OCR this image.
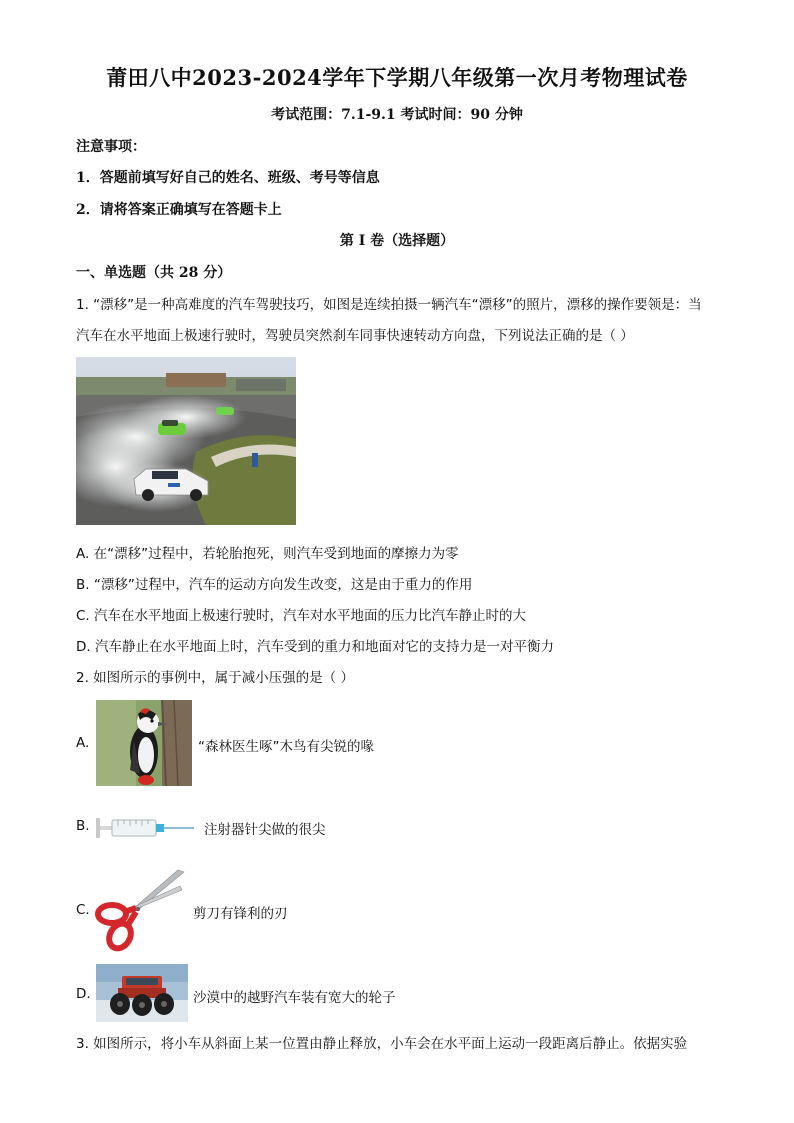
莆田八中2023-2024学年下学期八年级第一次月考物理试卷
考试范围：7.1-9.1 考试时间：90 分钟
注意事项：
1．答题前填写好自己的姓名、班级、考号等信息
2．请将答案正确填写在答题卡上
第 I 卷（选择题）
一、单选题（共 28 分）
1. “漂移”是一种高难度的汽车驾驶技巧，如图是连续拍摄一辆汽车“漂移”的照片，漂移的操作要领是：当
汽车在水平地面上极速行驶时，驾驶员突然刹车同事快速转动方向盘，下列说法正确的是（ ）
A. 在“漂移”过程中，若轮胎抱死，则汽车受到地面的摩擦力为零
B. “漂移”过程中，汽车的运动方向发生改变，这是由于重力的作用
C. 汽车在水平地面上极速行驶时，汽车对水平地面的压力比汽车静止时的大
D. 汽车静止在水平地面上时，汽车受到的重力和地面对它的支持力是一对平衡力
2. 如图所示的事例中，属于减小压强的是（ ）
A.	“森林医生啄”木鸟有尖锐的喙
B.	注射器针尖做的很尖
C.	剪刀有锋利的刃
D.	沙漠中的越野汽车装有宽大的轮子
3. 如图所示，将小车从斜面上某一位置由静止释放，小车会在水平面上运动一段距离后静止。依据实验
